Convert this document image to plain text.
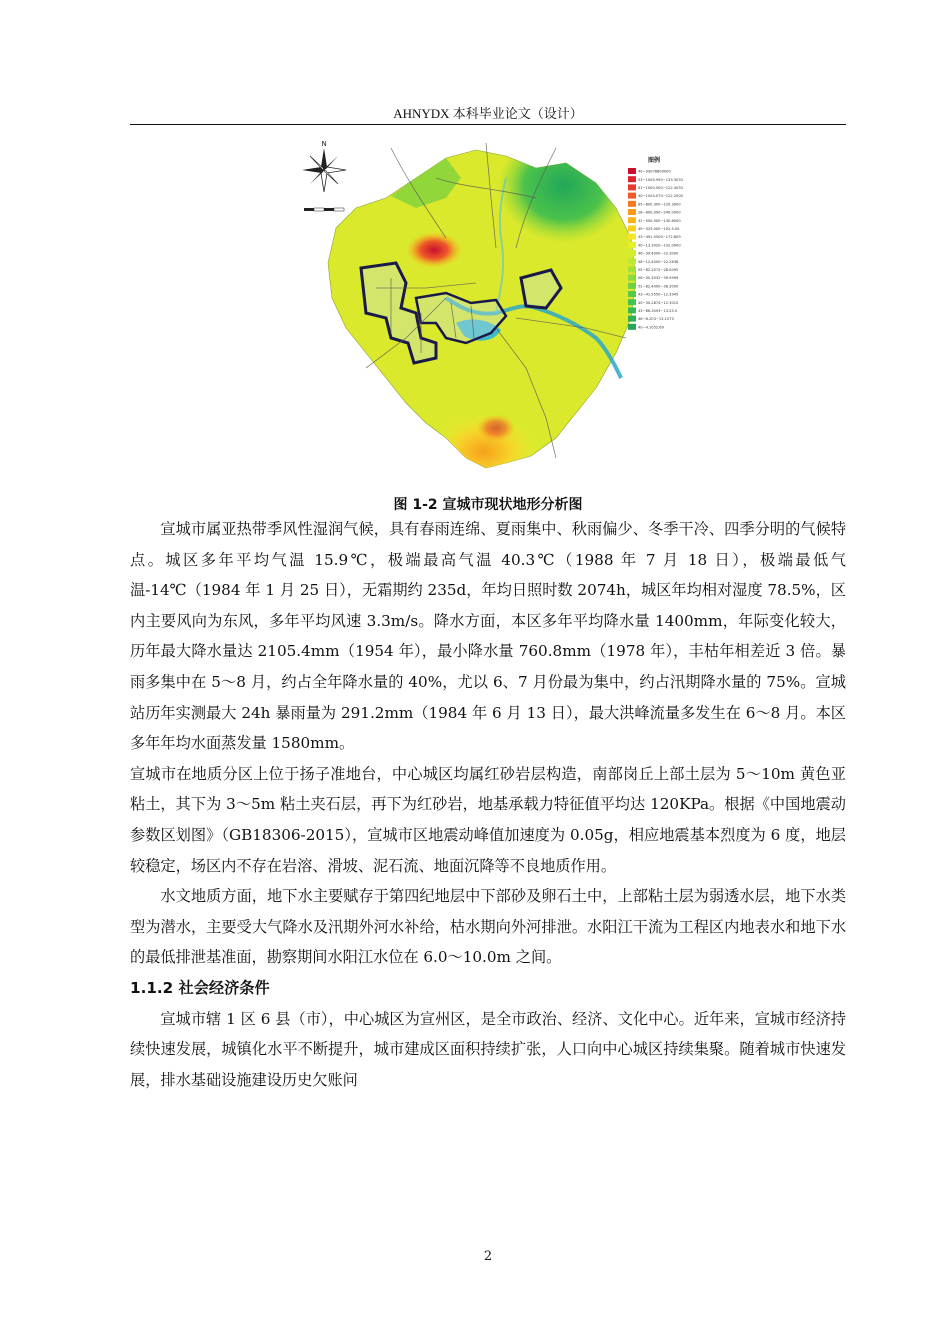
AHNYDX 本科毕业论文（设计）
N
图例
40~93078800000
53~1005.950~133.3033
61~1000.500~122.3033
40~1043.070~122.2000
85~600.300~120.3000
28~600.090~240.0000
32~500.500~130.6000
49~323.000~102.5.00
43~491.5500~172.809
40~13.3920~132.0000
46~39.4000~22.3000
48~12.4000~22.2636
55~82.2072~28.0095
06~30.3032~39.9999
52~82.4000~38.3000
43~41.5550~12.3945
40~30.2874~12.3015
43~86.3093~13.25.5
46~6.203~13.1573
40~4.1052.69
图 1-2 宣城市现状地形分析图

宣城市属亚热带季风性湿润气候，具有春雨连绵、夏雨集中、秋雨偏少、冬季干冷、四季分明的气候特点。城区多年平均气温 15.9℃，极端最高气温 40.3℃（1988 年 7 月 18 日），极端最低气温-14℃（1984 年 1 月 25 日），无霜期约 235d，年均日照时数 2074h，城区年均相对湿度 78.5%，区内主要风向为东风，多年平均风速 3.3m/s。降水方面，本区多年平均降水量 1400mm，年际变化较大，历年最大降水量达 2105.4mm（1954 年），最小降水量 760.8mm（1978 年），丰枯年相差近 3 倍。暴雨多集中在 5～8 月，约占全年降水量的 40%，尤以 6、7 月份最为集中，约占汛期降水量的 75%。宣城站历年实测最大 24h 暴雨量为 291.2mm（1984 年 6 月 13 日），最大洪峰流量多发生在 6～8 月。本区多年年均水面蒸发量 1580mm。

宣城市在地质分区上位于扬子准地台，中心城区均属红砂岩层构造，南部岗丘上部土层为 5～10m 黄色亚粘土，其下为 3～5m 粘土夹石层，再下为红砂岩，地基承载力特征值平均达 120KPa。根据《中国地震动参数区划图》（GB18306-2015），宣城市区地震动峰值加速度为 0.05g，相应地震基本烈度为 6 度，地层较稳定，场区内不存在岩溶、滑坡、泥石流、地面沉降等不良地质作用。

水文地质方面，地下水主要赋存于第四纪地层中下部砂及卵石土中，上部粘土层为弱透水层，地下水类型为潜水，主要受大气降水及汛期外河水补给，枯水期向外河排泄。水阳江干流为工程区内地表水和地下水的最低排泄基准面，勘察期间水阳江水位在 6.0～10.0m 之间。

1.1.2 社会经济条件

宣城市辖 1 区 6 县（市），中心城区为宣州区，是全市政治、经济、文化中心。近年来，宣城市经济持续快速发展，城镇化水平不断提升，城市建成区面积持续扩张，人口向中心城区持续集聚。随着城市快速发展，排水基础设施建设历史欠账问

2
